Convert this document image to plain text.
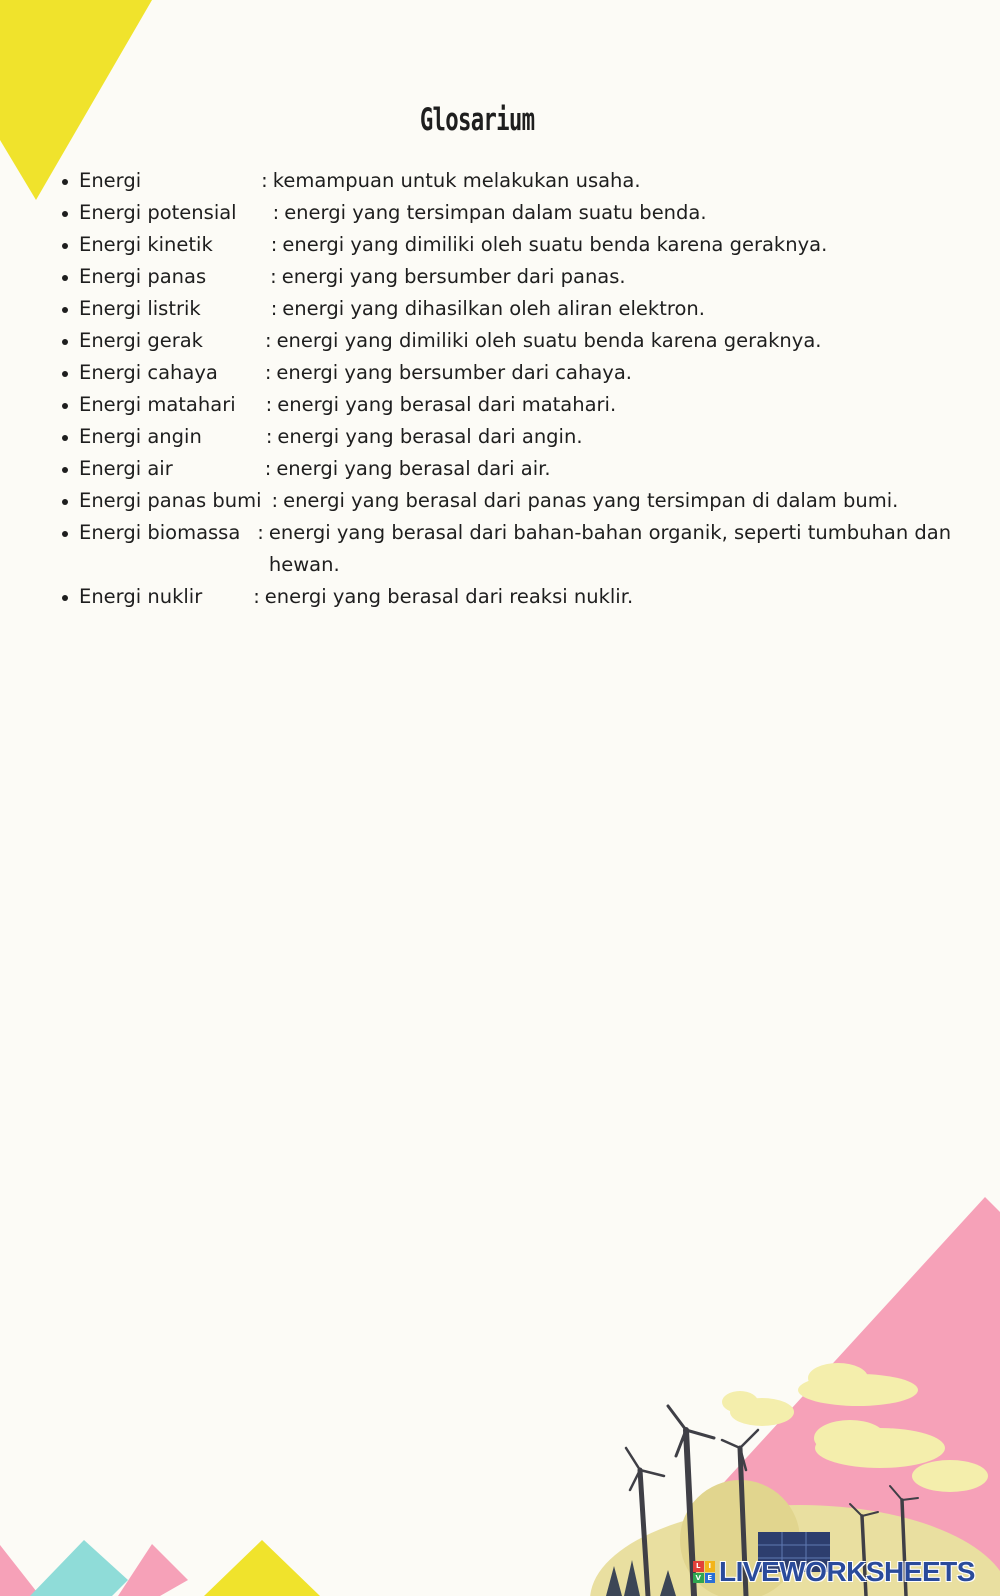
Glosarium
Energi	: kemampuan untuk melakukan usaha.
Energi potensial : energi yang tersimpan dalam suatu benda.
Energi kinetik	: energi yang dimiliki oleh suatu benda karena geraknya.
Energi panas	: energi yang bersumber dari panas.
Energi listrik	: energi yang dihasilkan oleh aliran elektron.
Energi gerak	: energi yang dimiliki oleh suatu benda karena geraknya.
Energi cahaya : energi yang bersumber dari cahaya.
Energi matahari : energi yang berasal dari matahari.
Energi angin	: energi yang berasal dari angin.
Energi air	: energi yang berasal dari air.
Energi panas bumi : energi yang berasal dari panas yang tersimpan di dalam bumi.
Energi biomassa : energi yang berasal dari bahan-bahan organik, seperti tumbuhan dan hewan.
Energi nuklir	: energi yang berasal dari reaksi nuklir.
L	I
V E LIVEWORKSHEETS
